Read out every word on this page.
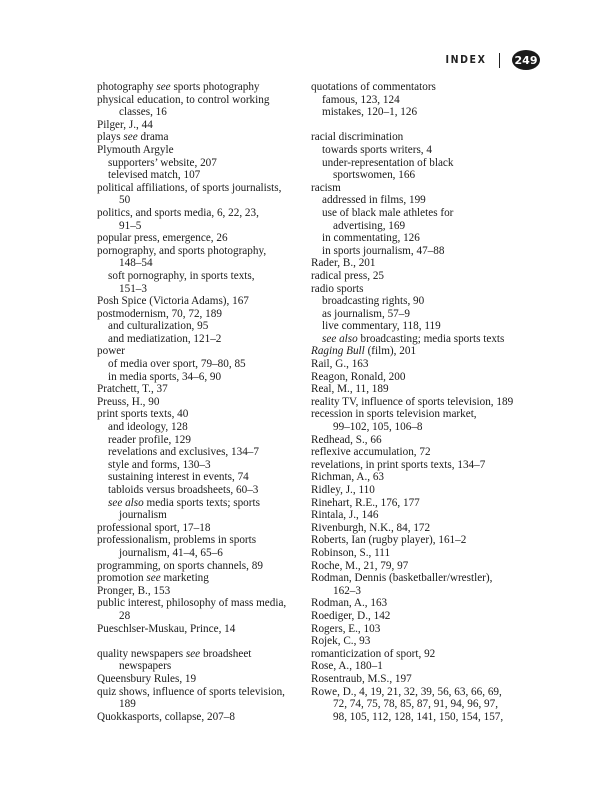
INDEX	249
photography see sports photography
physical education, to control working
classes, 16
Pilger, J., 44
plays see drama
Plymouth Argyle
supporters’ website, 207
televised match, 107
political affiliations, of sports journalists,
50
politics, and sports media, 6, 22, 23,
91–5
popular press, emergence, 26
pornography, and sports photography,
148–54
soft pornography, in sports texts,
151–3
Posh Spice (Victoria Adams), 167
postmodernism, 70, 72, 189
and culturalization, 95
and mediatization, 121–2
power
of media over sport, 79–80, 85
in media sports, 34–6, 90
Pratchett, T., 37
Preuss, H., 90
print sports texts, 40
and ideology, 128
reader profile, 129
revelations and exclusives, 134–7
style and forms, 130–3
sustaining interest in events, 74
tabloids versus broadsheets, 60–3
see also media sports texts; sports
journalism
professional sport, 17–18
professionalism, problems in sports
journalism, 41–4, 65–6
programming, on sports channels, 89
promotion see marketing
Pronger, B., 153
public interest, philosophy of mass media,
28
Pueschlser-Muskau, Prince, 14
quality newspapers see broadsheet
newspapers
Queensbury Rules, 19
quiz shows, influence of sports television,
189
Quokkasports, collapse, 207–8
quotations of commentators
famous, 123, 124
mistakes, 120–1, 126
racial discrimination
towards sports writers, 4
under-representation of black
sportswomen, 166
racism
addressed in films, 199
use of black male athletes for
advertising, 169
in commentating, 126
in sports journalism, 47–88
Rader, B., 201
radical press, 25
radio sports
broadcasting rights, 90
as journalism, 57–9
live commentary, 118, 119
see also broadcasting; media sports texts
Raging Bull (film), 201
Rail, G., 163
Reagon, Ronald, 200
Real, M., 11, 189
reality TV, influence of sports television, 189
recession in sports television market,
99–102, 105, 106–8
Redhead, S., 66
reflexive accumulation, 72
revelations, in print sports texts, 134–7
Richman, A., 63
Ridley, J., 110
Rinehart, R.E., 176, 177
Rintala, J., 146
Rivenburgh, N.K., 84, 172
Roberts, Ian (rugby player), 161–2
Robinson, S., 111
Roche, M., 21, 79, 97
Rodman, Dennis (basketballer/wrestler),
162–3
Rodman, A., 163
Roediger, D., 142
Rogers, E., 103
Rojek, C., 93
romanticization of sport, 92
Rose, A., 180–1
Rosentraub, M.S., 197
Rowe, D., 4, 19, 21, 32, 39, 56, 63, 66, 69,
72, 74, 75, 78, 85, 87, 91, 94, 96, 97,
98, 105, 112, 128, 141, 150, 154, 157,
